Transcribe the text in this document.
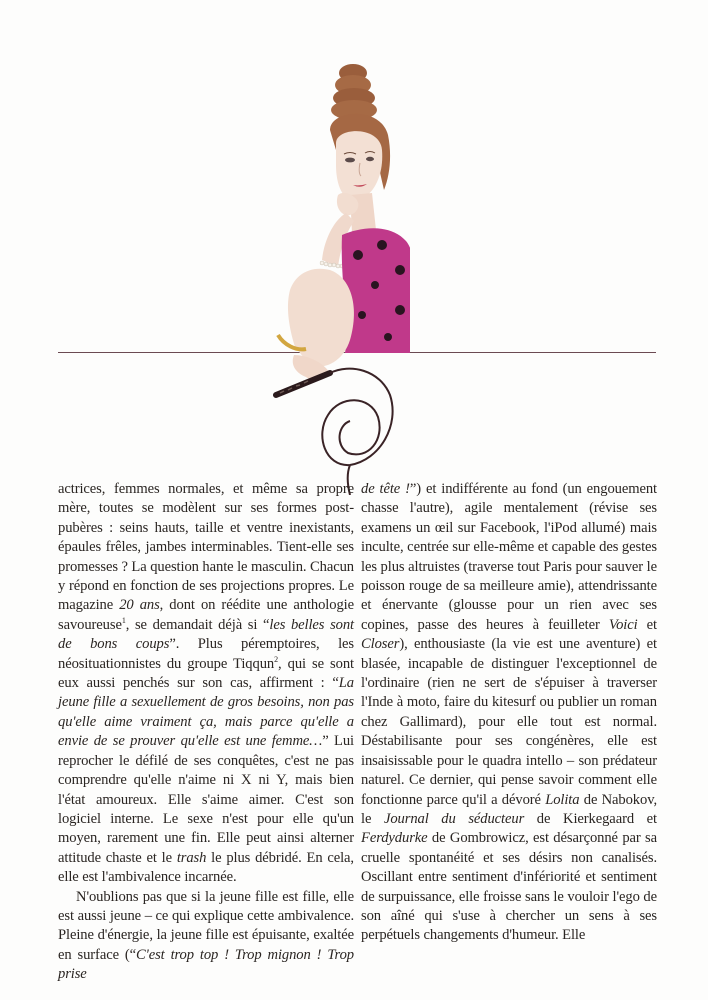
actrices, femmes normales, et même sa propre mère, toutes se modèlent sur ses formes post-pubères : seins hauts, taille et ventre inexistants, épaules frêles, jambes interminables. Tient-elle ses promesses ? La question hante le masculin. Chacun y répond en fonction de ses projections propres. Le magazine 20 ans, dont on réédite une anthologie savoureuse$^1$, se demandait déjà si “les belles sont de bons coups”. Plus péremptoires, les néosituationnistes du groupe Tiqqun$^2$, qui se sont eux aussi penchés sur son cas, affirment : “La jeune fille a sexuellement de gros besoins, non pas qu'elle aime vraiment ça, mais parce qu'elle a envie de se prouver qu'elle est une femme…” Lui reprocher le défilé de ses conquêtes, c'est ne pas comprendre qu'elle n'aime ni X ni Y, mais bien l'état amoureux. Elle s'aime aimer. C'est son logiciel interne. Le sexe n'est pour elle qu'un moyen, rarement une fin. Elle peut ainsi alterner attitude chaste et le trash le plus débridé. En cela, elle est l'ambivalence incarnée.

N'oublions pas que si la jeune fille est fille, elle est aussi jeune – ce qui explique cette ambivalence. Pleine d'énergie, la jeune fille est épuisante, exaltée en surface (“C'est trop top ! Trop mignon ! Trop prise

de tête !”) et indifférente au fond (un engouement chasse l'autre), agile mentalement (révise ses examens un œil sur Facebook, l'iPod allumé) mais inculte, centrée sur elle-même et capable des gestes les plus altruistes (traverse tout Paris pour sauver le poisson rouge de sa meilleure amie), attendrissante et énervante (glousse pour un rien avec ses copines, passe des heures à feuilleter Voici et Closer), enthousiaste (la vie est une aventure) et blasée, incapable de distinguer l'exceptionnel de l'ordinaire (rien ne sert de s'épuiser à traverser l'Inde à moto, faire du kitesurf ou publier un roman chez Gallimard), pour elle tout est normal. Déstabilisante pour ses congénères, elle est insaisissable pour le quadra intello – son prédateur naturel. Ce dernier, qui pense savoir comment elle fonctionne parce qu'il a dévoré Lolita de Nabokov, le Journal du séducteur de Kierkegaard et Ferdydurke de Gombrowicz, est désarçonné par sa cruelle spontanéité et ses désirs non canalisés. Oscillant entre sentiment d'infériorité et sentiment de surpuissance, elle froisse sans le vouloir l'ego de son aîné qui s'use à chercher un sens à ses perpétuels changements d'humeur. Elle
